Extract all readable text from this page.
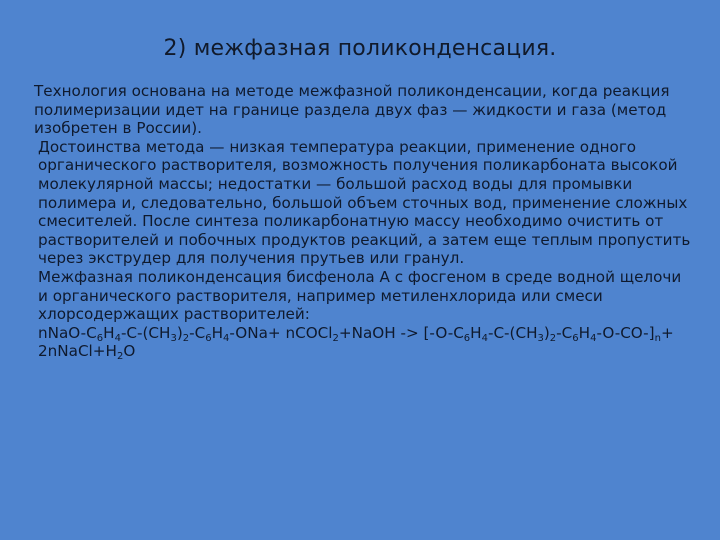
2) межфазная поликонденсация.

Технология основана на методе межфазной поликонденсации, когда реакция полимеризации идет на границе раздела двух фаз — жидкости и газа (метод изобретен в России).

Достоинства метода — низкая температура реакции, применение одного органического растворителя, возможность получения поликарбоната высокой молекулярной массы; недостатки — большой расход воды для промывки полимера и, следовательно, большой объем сточных вод, применение сложных смесителей. После синтеза поликарбонатную массу необходимо очистить от растворителей и побочных продуктов реакций, а затем еще теплым пропустить через экструдер для получения прутьев или гранул.

Межфазная поликонденсация бисфенола А с фосгеном в среде водной щелочи и органического растворителя, например метиленхлорида или смеси хлорсодержащих растворителей:

nNaO-$C_6H_4-C-(CH_3)_2-C_6H_4-ONa+$ nCOCl$_2$+NaOH -> $[-O-C_6H_4-C-(CH_3)_2-C_6H_4-O-CO-]_n+$ $2nNaCl+H_2O$
